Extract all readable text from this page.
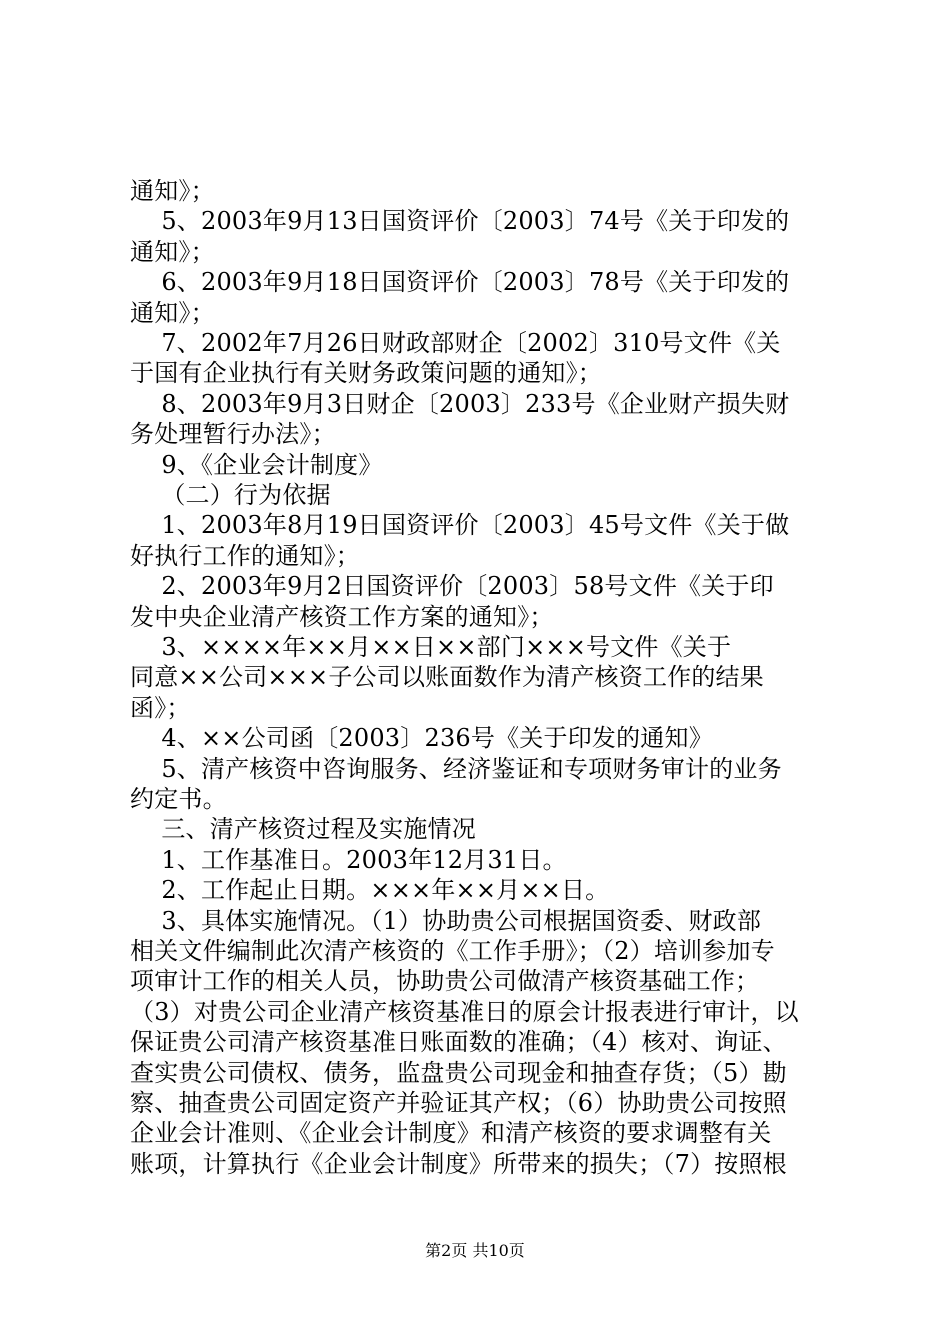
通知》；
5、2003年9月13日国资评价〔2003〕74号《关于印发的
通知》；
6、2003年9月18日国资评价〔2003〕78号《关于印发的
通知》；
7、2002年7月26日财政部财企〔2002〕310号文件《关
于国有企业执行有关财务政策问题的通知》；
8、2003年9月3日财企〔2003〕233号《企业财产损失财
务处理暂行办法》；
9、《企业会计制度》
（二）行为依据
1、2003年8月19日国资评价〔2003〕45号文件《关于做
好执行工作的通知》；
2、2003年9月2日国资评价〔2003〕58号文件《关于印
发中央企业清产核资工作方案的通知》；
3、××××年××月××日××部门×××号文件《关于
同意××公司×××子公司以账面数作为清产核资工作的结果
函》；
4、××公司函〔2003〕236号《关于印发的通知》
5、清产核资中咨询服务、经济鉴证和专项财务审计的业务
约定书。
三、清产核资过程及实施情况
1、工作基准日。2003年12月31日。
2、工作起止日期。×××年××月××日。
3、具体实施情况。（1）协助贵公司根据国资委、财政部
相关文件编制此次清产核资的《工作手册》；（2）培训参加专
项审计工作的相关人员，协助贵公司做清产核资基础工作；
（3）对贵公司企业清产核资基准日的原会计报表进行审计，以
保证贵公司清产核资基准日账面数的准确；（4）核对、询证、
查实贵公司债权、债务，监盘贵公司现金和抽查存货；（5）勘
察、抽查贵公司固定资产并验证其产权；（6）协助贵公司按照
企业会计准则、《企业会计制度》和清产核资的要求调整有关
账项，计算执行《企业会计制度》所带来的损失；（7）按照根
第2页 共10页
